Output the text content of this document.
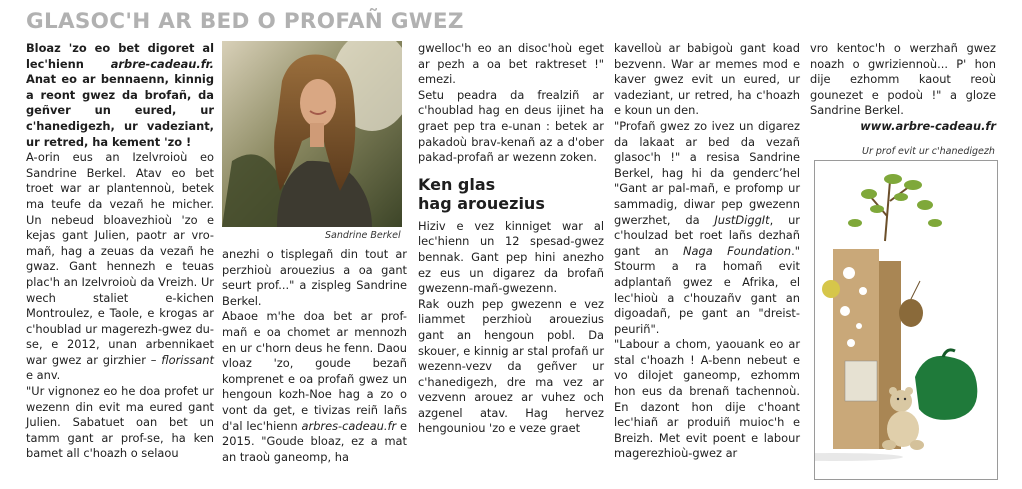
GLASOC'H AR BED O PROFAÑ GWEZ

Bloaz 'zo eo bet digoret al lec'hienn arbre-cadeau.fr. Anat eo ar bennaenn, kinnig a reont gwez da brofañ, da geñver un eured, ur c'hanedigezh, ur vadeziant, ur retred, ha kement 'zo !

A-orin eus an Izelvroioù eo Sandrine Berkel. Atav eo bet troet war ar plantennoù, betek ma teufe da vezañ he micher. Un nebeud bloavezhioù 'zo e kejas gant Julien, paotr ar vro-mañ, hag a zeuas da vezañ he gwaz. Gant hennezh e teuas plac'h an Izelvroioù da Vreizh. Ur wech staliet e-kichen Montroulez, e Taole, e krogas ar c'houblad ur magerezh-gwez du-se, e 2012, unan arbennikaet war gwez ar girzhier – florissant e anv.

"Ur vignonez eo he doa profet ur wezenn din evit ma eured gant Julien. Sabatuet oan bet un tamm gant ar prof-se, ha ken bamet all c'hoazh o selaou

Sandrine Berkel

anezhi o tisplegañ din tout ar perzhioù arouezius a oa gant seurt prof..." a zispleg Sandrine Berkel.

Abaoe m'he doa bet ar prof-mañ e oa chomet ar mennozh en ur c'horn deus he fenn. Daou vloaz 'zo, goude bezañ komprenet e oa profañ gwez un hengoun kozh-Noe hag a zo o vont da get, e tivizas reiñ lañs d'al lec'hienn arbres-cadeau.fr e 2015. "Goude bloaz, ez a mat an traoù ganeomp, ha

gwelloc'h eo an disoc'hoù eget ar pezh a oa bet raktreset !" emezi.

Setu peadra da frealziñ ar c'houblad hag en deus ijinet ha graet pep tra e-unan : betek ar pakadoù brav-kenañ az a d'ober pakad-profañ ar wezenn zoken.

Ken glas
hag arouezius

Hiziv e vez kinniget war al lec'hienn un 12 spesad-gwez bennak. Gant pep hini anezho ez eus un digarez da brofañ gwezenn-mañ-gwezenn.

Rak ouzh pep gwezenn e vez liammet perzhioù arouezius gant an hengoun pobl. Da skouer, e kinnig ar stal profañ ur wezenn-vezv da geñver ur c'hanedigezh, dre ma vez ar vezvenn arouez ar vuhez och azgenel atav. Hag hervez hengouniou 'zo e veze graet

kavelloù ar babigoù gant koad bezvenn. War ar memes mod e kaver gwez evit un eured, ur vadeziant, ur retred, ha c'hoazh e koun un den.

"Profañ gwez zo ivez un digarez da lakaat ar bed da vezañ glasoc'h !" a resisa Sandrine Berkel, hag hi da gendercʼhel "Gant ar pal-mañ, e profomp ur sammadig, diwar pep gwezenn gwerzhet, da JustDiggIt, ur c'houlzad bet roet lañs dezhañ gant an Naga Foundation." Stourm a ra homañ evit adplantañ gwez e Afrika, el lec'hioù a c'houzañv gant an digoadañ, pe gant an "dreist-peuriñ".

"Labour a chom, yaouank eo ar stal c'hoazh ! A-benn nebeut e vo dilojet ganeomp, ezhomm hon eus da brenañ tachennoù. En dazont hon dije c'hoant lec'hiañ ar produiñ muioc'h e Breizh. Met evit poent e labour magerezhioù-gwez ar

vro kentoc'h o werzhañ gwez noazh o gwriziennoù... P' hon dije ezhomm kaout reoù gounezet e podoù !" a gloze Sandrine Berkel.

www.arbre-cadeau.fr
Ur prof evit ur c'hanedigezh
